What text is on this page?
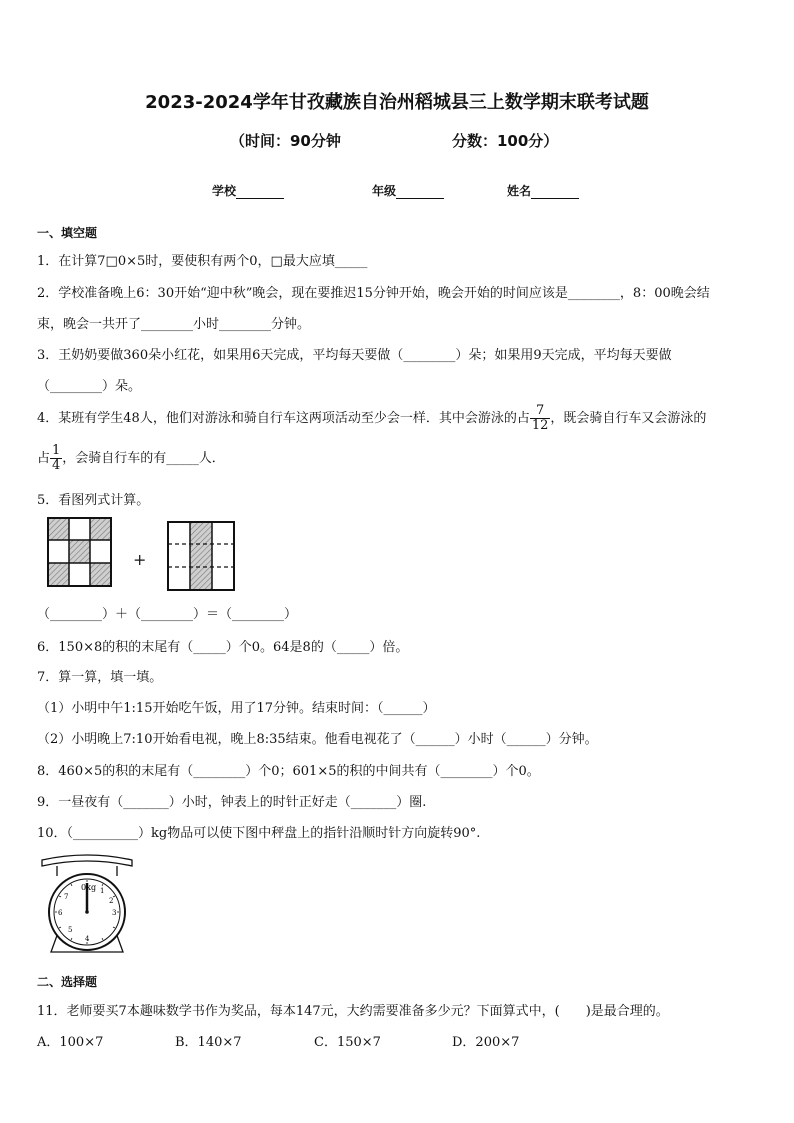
2023-2024学年甘孜藏族自治州稻城县三上数学期末联考试题
（时间：90分钟	分数：100分）
学校	年级	姓名
一、填空题
1．在计算7□0×5时，要使积有两个0，□最大应填_____
2．学校准备晚上6：30开始“迎中秋”晚会，现在要推迟15分钟开始，晚会开始的时间应该是________，8：00晚会结
束，晚会一共开了________小时________分钟。
3．王奶奶要做360朵小红花，如果用6天完成，平均每天要做（________）朵；如果用9天完成，平均每天要做
（________）朵。
4．某班有学生48人，他们对游泳和骑自行车这两项活动至少会一样．其中会游泳的占 $\frac{7}{12}$ ，既会骑自行车又会游泳的
占 $\frac{1}{4}$ ，会骑自行车的有_____人．
5．看图列式计算。
+
（________）＋（________）＝（________）
6．150×8的积的末尾有（_____）个0。64是8的（_____）倍。
7．算一算，填一填。
（1）小明中午1:15开始吃午饭，用了17分钟。结束时间：（______）
（2）小明晚上7:10开始看电视，晚上8:35结束。他看电视花了（______）小时（______）分钟。
8．460×5的积的末尾有（________）个0；601×5的积的中间共有（________）个0。
9．一昼夜有（_______）小时，钟表上的时针正好走（_______）圈.
10．（__________）kg物品可以使下图中秤盘上的指针沿顺时针方向旋转90°.
0kg 1
2
3
4
5
6
7
二、选择题
11．老师要买7本趣味数学书作为奖品，每本147元，大约需要准备多少元？下面算式中，(　　)是最合理的。
A．100×7	B．140×7	C．150×7	D．200×7
